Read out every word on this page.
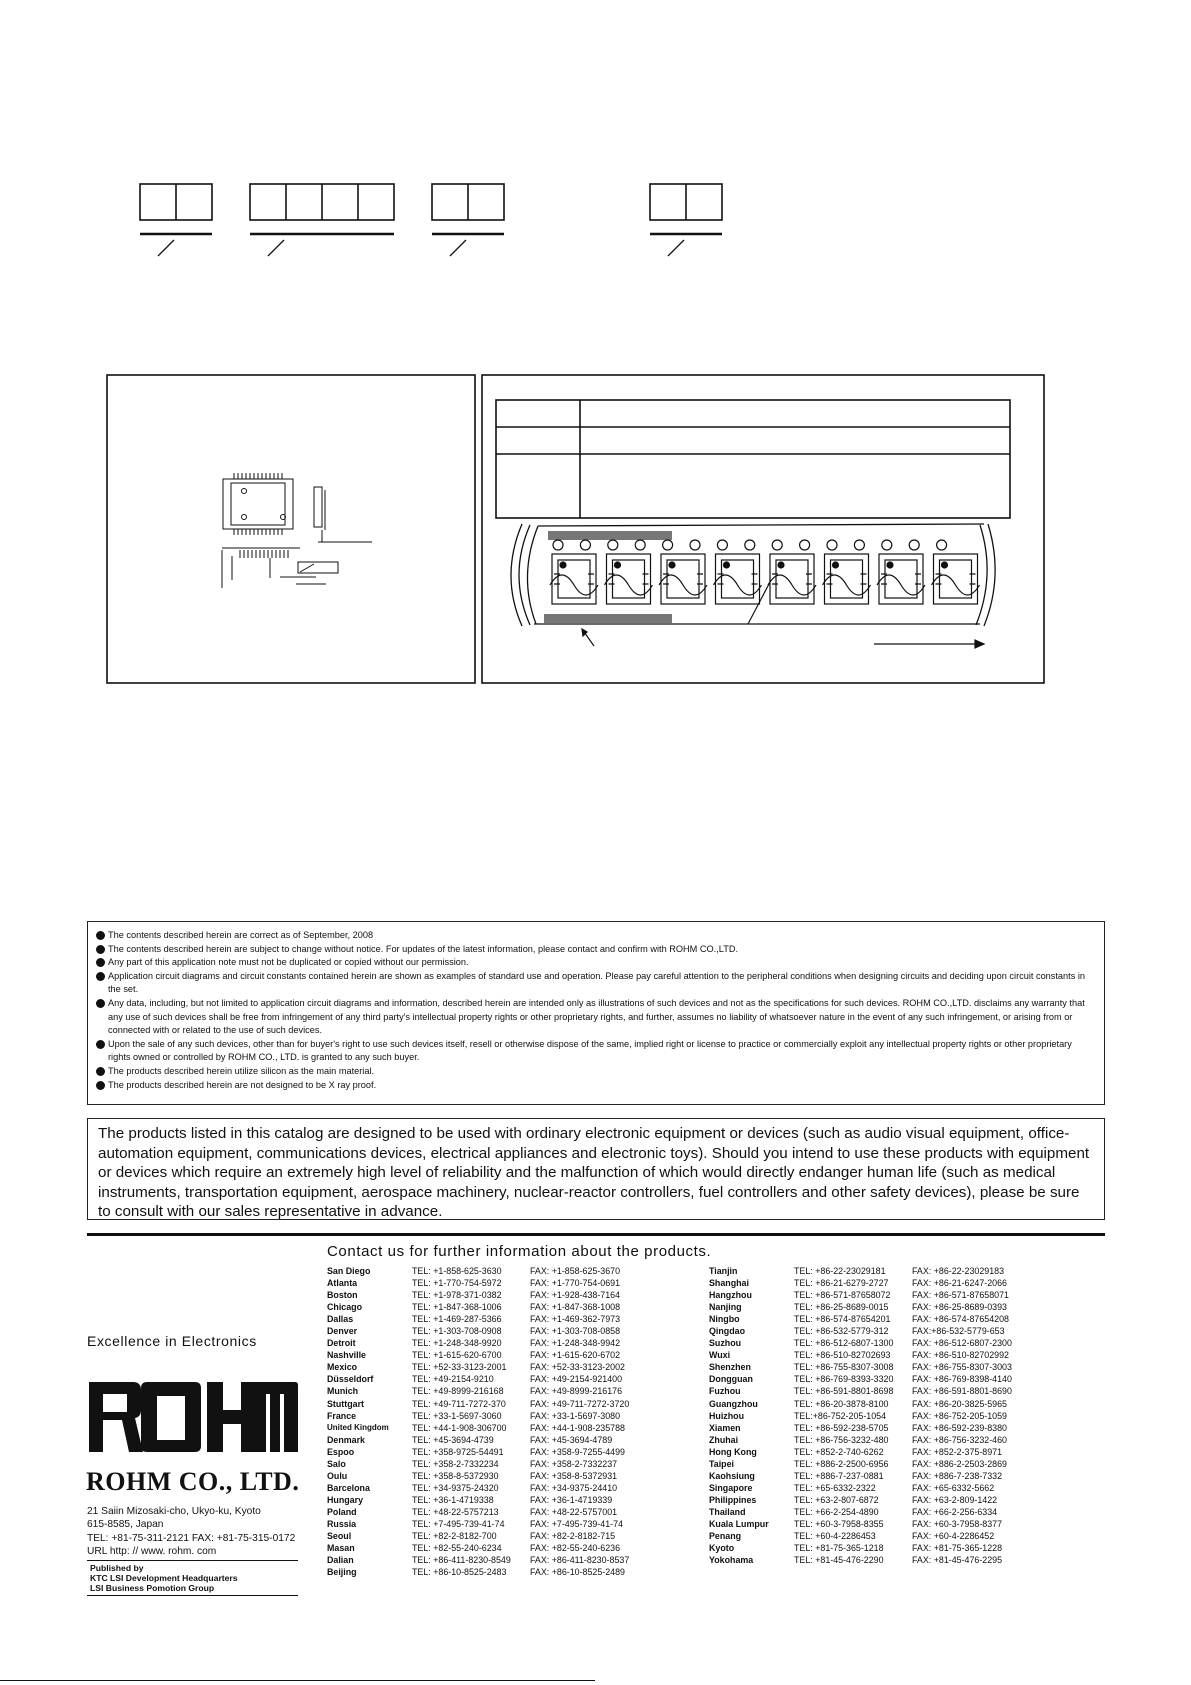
The contents described herein are correct as of September, 2008
The contents described herein are subject to change without notice. For updates of the latest information, please contact and confirm with ROHM CO.,LTD.
Any part of this application note must not be duplicated or copied without our permission.
Application circuit diagrams and circuit constants contained herein are shown as examples of standard use and operation. Please pay careful attention to the peripheral conditions when designing circuits and deciding upon circuit constants in the set.
Any data, including, but not limited to application circuit diagrams and information, described herein are intended only as illustrations of such devices and not as the specifications for such devices. ROHM CO.,LTD. disclaims any warranty that any use of such devices shall be free from infringement of any third party's intellectual property rights or other proprietary rights, and further, assumes no liability of whatsoever nature in the event of any such infringement, or arising from or connected with or related to the use of such devices.
Upon the sale of any such devices, other than for buyer's right to use such devices itself, resell or otherwise dispose of the same, implied right or license to practice or commercially exploit any intellectual property rights or other proprietary rights owned or controlled by ROHM CO., LTD. is granted to any such buyer.
The products described herein utilize silicon as the main material.
The products described herein are not designed to be X ray proof.
The products listed in this catalog are designed to be used with ordinary electronic equipment or devices (such as audio visual equipment, office-automation equipment, communications devices, electrical appliances and electronic toys). Should you intend to use these products with equipment or devices which require an extremely high level of reliability and the malfunction of which would directly endanger human life (such as medical instruments, transportation equipment, aerospace machinery, nuclear-reactor controllers, fuel controllers and other safety devices), please be sure to consult with our sales representative in advance.
Contact us for further information about the products.
San Diego	TEL: +1-858-625-3630	FAX: +1-858-625-3670
Atlanta	TEL: +1-770-754-5972	FAX: +1-770-754-0691
Boston	TEL: +1-978-371-0382	FAX: +1-928-438-7164
Chicago	TEL: +1-847-368-1006	FAX: +1-847-368-1008
Dallas	TEL: +1-469-287-5366	FAX: +1-469-362-7973
Denver	TEL: +1-303-708-0908	FAX: +1-303-708-0858
Detroit	TEL: +1-248-348-9920	FAX: +1-248-348-9942
Nashville	TEL: +1-615-620-6700	FAX: +1-615-620-6702
Mexico	TEL: +52-33-3123-2001	FAX: +52-33-3123-2002
Düsseldorf	TEL: +49-2154-9210	FAX: +49-2154-921400
Munich	TEL: +49-8999-216168	FAX: +49-8999-216176
Stuttgart	TEL: +49-711-7272-370	FAX: +49-711-7272-3720
France	TEL: +33-1-5697-3060	FAX: +33-1-5697-3080
United Kingdom	TEL: +44-1-908-306700	FAX: +44-1-908-235788
Denmark	TEL: +45-3694-4739	FAX: +45-3694-4789
Espoo	TEL: +358-9725-54491	FAX: +358-9-7255-4499
Salo	TEL: +358-2-7332234	FAX: +358-2-7332237
Oulu	TEL: +358-8-5372930	FAX: +358-8-5372931
Barcelona	TEL: +34-9375-24320	FAX: +34-9375-24410
Hungary	TEL: +36-1-4719338	FAX: +36-1-4719339
Poland	TEL: +48-22-5757213	FAX: +48-22-5757001
Russia	TEL: +7-495-739-41-74	FAX: +7-495-739-41-74
Seoul	TEL: +82-2-8182-700	FAX: +82-2-8182-715
Masan	TEL: +82-55-240-6234	FAX: +82-55-240-6236
Dalian	TEL: +86-411-8230-8549	FAX: +86-411-8230-8537
Beijing	TEL: +86-10-8525-2483	FAX: +86-10-8525-2489
Tianjin	TEL: +86-22-23029181	FAX: +86-22-23029183
Shanghai	TEL: +86-21-6279-2727	FAX: +86-21-6247-2066
Hangzhou	TEL: +86-571-87658072	FAX: +86-571-87658071
Nanjing	TEL: +86-25-8689-0015	FAX: +86-25-8689-0393
Ningbo	TEL: +86-574-87654201	FAX: +86-574-87654208
Qingdao	TEL: +86-532-5779-312	FAX:+86-532-5779-653
Suzhou	TEL: +86-512-6807-1300	FAX: +86-512-6807-2300
Wuxi	TEL: +86-510-82702693	FAX: +86-510-82702992
Shenzhen	TEL: +86-755-8307-3008	FAX: +86-755-8307-3003
Dongguan	TEL: +86-769-8393-3320	FAX: +86-769-8398-4140
Fuzhou	TEL: +86-591-8801-8698	FAX: +86-591-8801-8690
Guangzhou	TEL: +86-20-3878-8100	FAX: +86-20-3825-5965
Huizhou	TEL:+86-752-205-1054	FAX: +86-752-205-1059
Xiamen	TEL: +86-592-238-5705	FAX: +86-592-239-8380
Zhuhai	TEL: +86-756-3232-480	FAX: +86-756-3232-460
Hong Kong	TEL: +852-2-740-6262	FAX: +852-2-375-8971
Taipei	TEL: +886-2-2500-6956	FAX: +886-2-2503-2869
Kaohsiung	TEL: +886-7-237-0881	FAX: +886-7-238-7332
Singapore	TEL: +65-6332-2322	FAX: +65-6332-5662
Philippines	TEL: +63-2-807-6872	FAX: +63-2-809-1422
Thailand	TEL: +66-2-254-4890	FAX: +66-2-256-6334
Kuala Lumpur	TEL: +60-3-7958-8355	FAX: +60-3-7958-8377
Penang	TEL: +60-4-2286453	FAX: +60-4-2286452
Kyoto	TEL: +81-75-365-1218	FAX: +81-75-365-1228
Yokohama	TEL: +81-45-476-2290	FAX: +81-45-476-2295
Excellence in Electronics
ROHM CO., LTD.
21 Saiin Mizosaki-cho, Ukyo-ku, Kyoto
615-8585, Japan
TEL: +81-75-311-2121 FAX: +81-75-315-0172
URL http: // www. rohm. com
Published by
KTC LSI Development Headquarters
LSI Business Pomotion Group
